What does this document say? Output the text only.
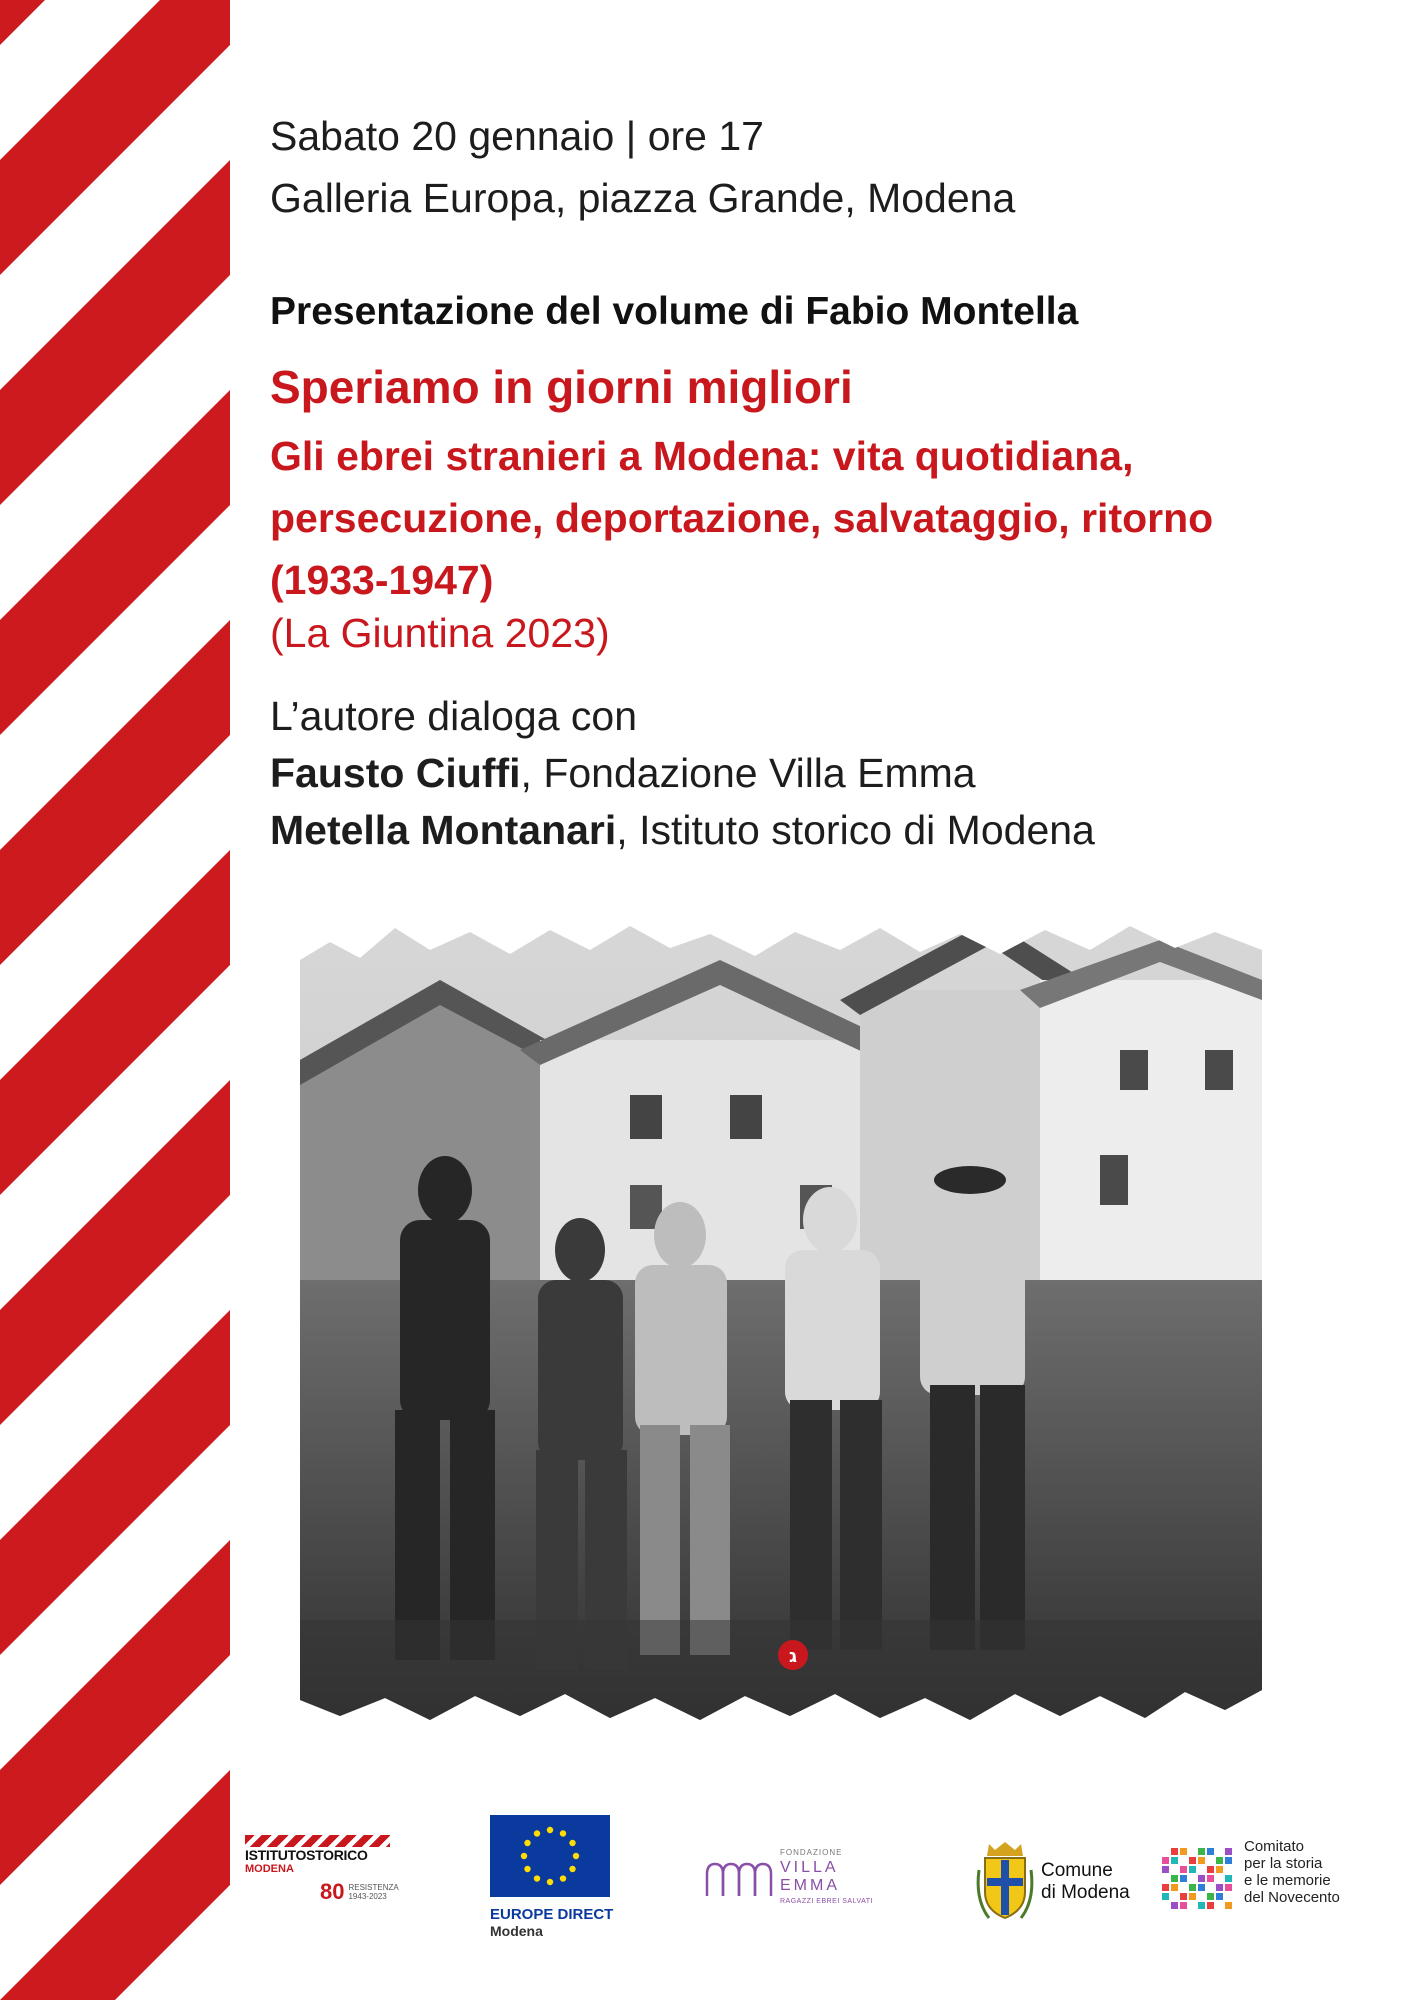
Sabato 20 gennaio | ore 17

Galleria Europa, piazza Grande, Modena

Presentazione del volume di Fabio Montella

Speriamo in giorni migliori

Gli ebrei stranieri a Modena: vita quotidiana, persecuzione, deportazione, salvataggio, ritorno (1933-1947)

(La Giuntina 2023)

L’autore dialoga con

Fausto Ciuffi, Fondazione Villa Emma

Metella Montanari, Istituto storico di Modena

ג
ISTITUTOSTORICO
MODENA
80 RESISTENZA
1943-2023
EUROPE DIRECT
Modena
FONDAZIONE
VILLA
EMMA
RAGAZZI EBREI SALVATI
Comune
di Modena
Comitato
per la storia
e le memorie
del Novecento
